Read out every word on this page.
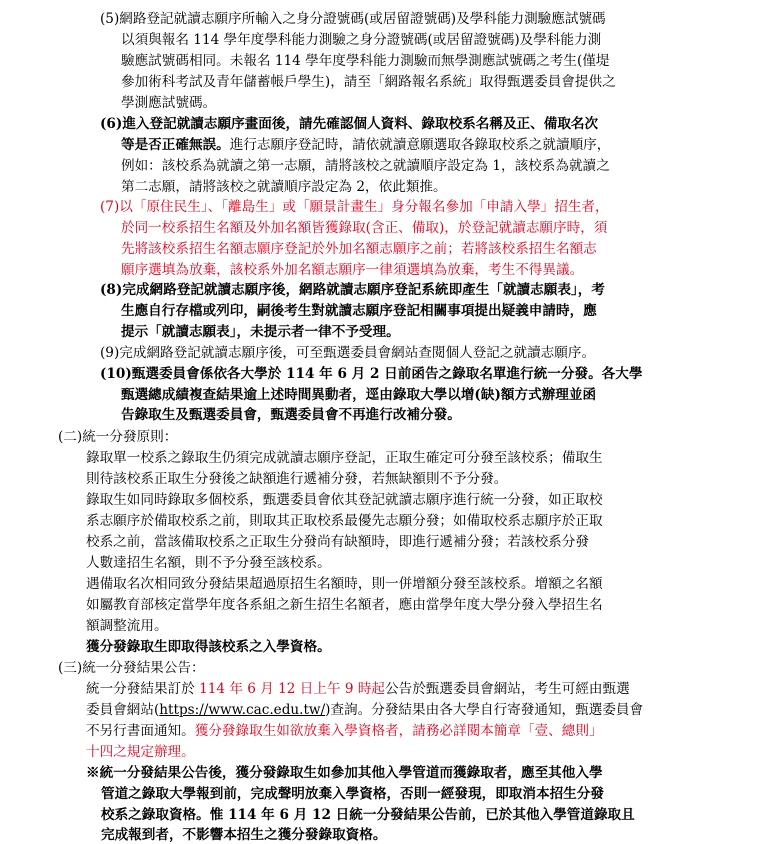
(5)網路登記就讀志願序所輸入之身分證號碼(或居留證號碼)及學科能力測驗應試號碼

以須與報名 114 學年度學科能力測驗之身分證號碼(或居留證號碼)及學科能力測

驗應試號碼相同。未報名 114 學年度學科能力測驗而無學測應試號碼之考生(僅堤

參加術科考試及青年儲蓄帳戶學生)，請至「網路報名系統」取得甄選委員會提供之

學測應試號碼。

(6)進入登記就讀志願序畫面後，請先確認個人資料、錄取校系名稱及正、備取名次

等是否正確無誤。進行志願序登記時，請依就讀意願選取各錄取校系之就讀順序，

例如：該校系為就讀之第一志願，請將該校之就讀順序設定為 1，該校系為就讀之

第二志願，請將該校之就讀順序設定為 2，依此類推。

(7)以「原住民生」、「離島生」或「願景計畫生」身分報名參加「申請入學」招生者，

於同一校系招生名額及外加名額皆獲錄取(含正、備取)，於登記就讀志願序時，須

先將該校系招生名額志願序登記於外加名額志願序之前；若將該校系招生名額志

願序選填為放棄，該校系外加名額志願序一律須選填為放棄，考生不得異議。

(8)完成網路登記就讀志願序後，網路就讀志願序登記系統即產生「就讀志願表」，考

生應自行存檔或列印，嗣後考生對就讀志願序登記相關事項提出疑義申請時，應

提示「就讀志願表」，未提示者一律不予受理。

(9)完成網路登記就讀志願序後，可至甄選委員會網站查閱個人登記之就讀志願序。

(10)甄選委員會係依各大學於 114 年 6 月 2 日前函告之錄取名單進行統一分發。各大學

甄選總成績複查結果逾上述時間異動者，逕由錄取大學以增(缺)額方式辦理並函

告錄取生及甄選委員會，甄選委員會不再進行改補分發。

(二)統一分發原則：

錄取單一校系之錄取生仍須完成就讀志願序登記，正取生確定可分發至該校系；備取生

則待該校系正取生分發後之缺額進行遞補分發，若無缺額則不予分發。

錄取生如同時錄取多個校系，甄選委員會依其登記就讀志願序進行統一分發，如正取校

系志願序於備取校系之前，則取其正取校系最優先志願分發；如備取校系志願序於正取

校系之前，當該備取校系之正取生分發尚有缺額時，即進行遞補分發；若該校系分發

人數達招生名額，則不予分發至該校系。

遇備取名次相同致分發結果超過原招生名額時，則一併增額分發至該校系。增額之名額

如屬教育部核定當學年度各系組之新生招生名額者，應由當學年度大學分發入學招生名

額調整流用。

獲分發錄取生即取得該校系之入學資格。

(三)統一分發結果公告：

統一分發結果訂於 114 年 6 月 12 日上午 9 時起公告於甄選委員會網站，考生可經由甄選

委員會網站(https://www.cac.edu.tw/)查詢。分發結果由各大學自行寄發通知，甄選委員會

不另行書面通知。獲分發錄取生如欲放棄入學資格者，請務必詳閱本簡章「壹、總則」

十四之規定辦理。

※統一分發結果公告後，獲分發錄取生如參加其他入學管道而獲錄取者，應至其他入學

管道之錄取大學報到前，完成聲明放棄入學資格，否則一經發現，即取消本招生分發

校系之錄取資格。惟 114 年 6 月 12 日統一分發結果公告前，已於其他入學管道錄取且

完成報到者，不影響本招生之獲分發錄取資格。
